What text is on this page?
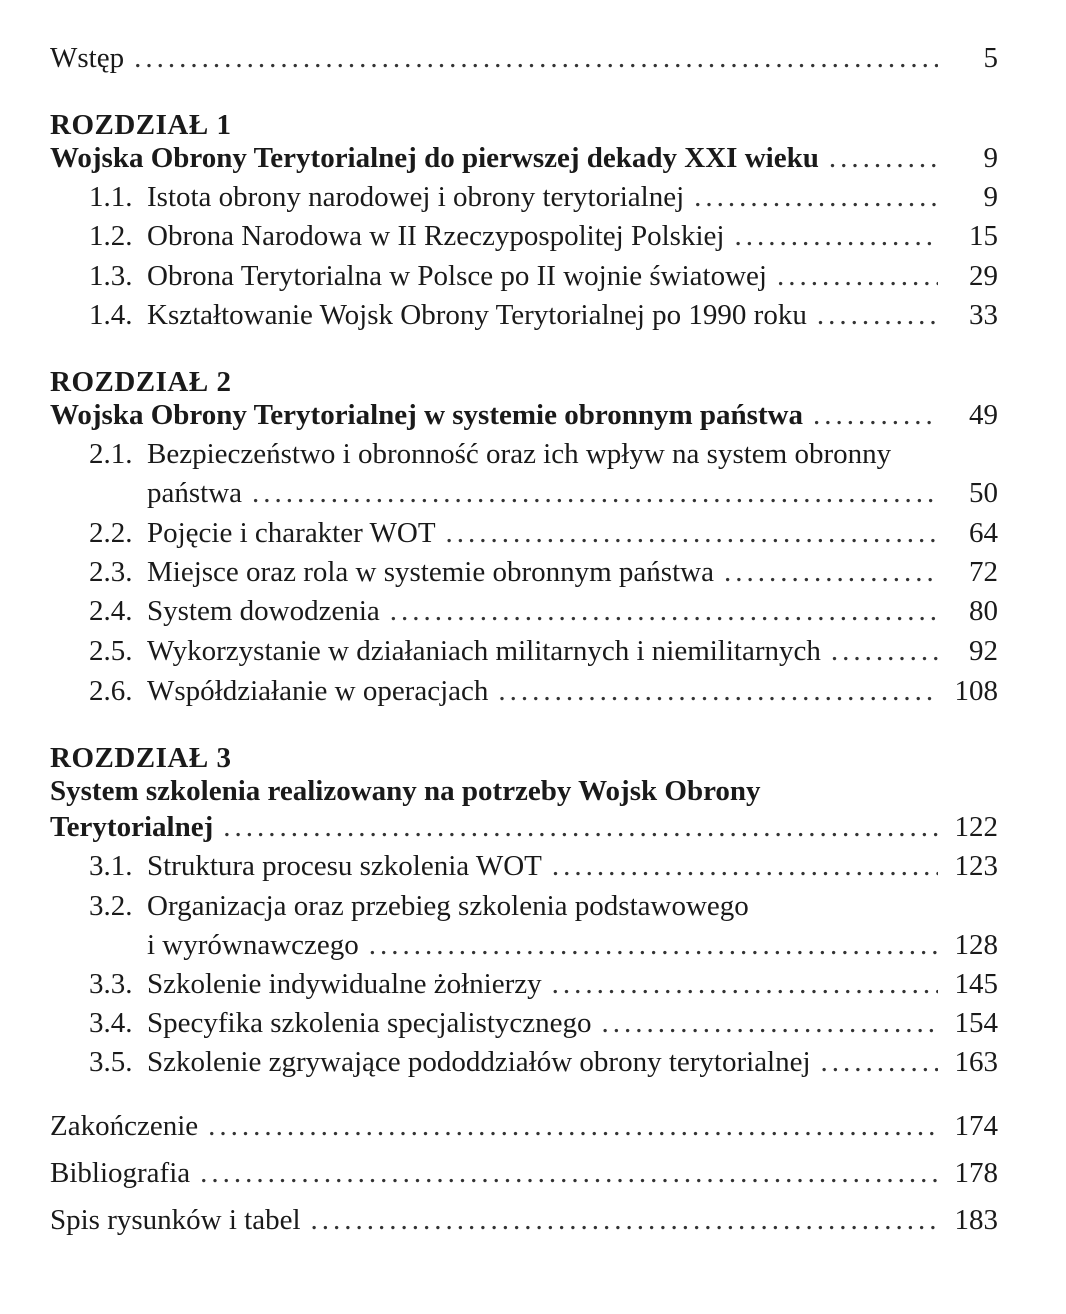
Wstęp .....	5
ROZDZIAŁ 1
Wojska Obrony Terytorialnej do pierwszej dekady XXI wieku .....	9
1.1. Istota obrony narodowej i obrony terytorialnej .....	9
1.2. Obrona Narodowa w II Rzeczypospolitej Polskiej .....	15
1.3. Obrona Terytorialna w Polsce po II wojnie światowej .....	29
1.4. Kształtowanie Wojsk Obrony Terytorialnej po 1990 roku .....	33
ROZDZIAŁ 2
Wojska Obrony Terytorialnej w systemie obronnym państwa .....	49
2.1. Bezpieczeństwo i obronność oraz ich wpływ na system obronny
państwa .....	50
2.2. Pojęcie i charakter WOT .....	64
2.3. Miejsce oraz rola w systemie obronnym państwa .....	72
2.4. System dowodzenia .....	80
2.5. Wykorzystanie w działaniach militarnych i niemilitarnych .....	92
2.6. Współdziałanie w operacjach .....	108
ROZDZIAŁ 3
System szkolenia realizowany na potrzeby Wojsk Obrony
Terytorialnej .....	122
3.1. Struktura procesu szkolenia WOT .....	123
3.2. Organizacja oraz przebieg szkolenia podstawowego
i wyrównawczego .....	128
3.3. Szkolenie indywidualne żołnierzy .....	145
3.4. Specyfika szkolenia specjalistycznego .....	154
3.5. Szkolenie zgrywające pododdziałów obrony terytorialnej .....	163
Zakończenie .....	174
Bibliografia .....	178
Spis rysunków i tabel .....	183
